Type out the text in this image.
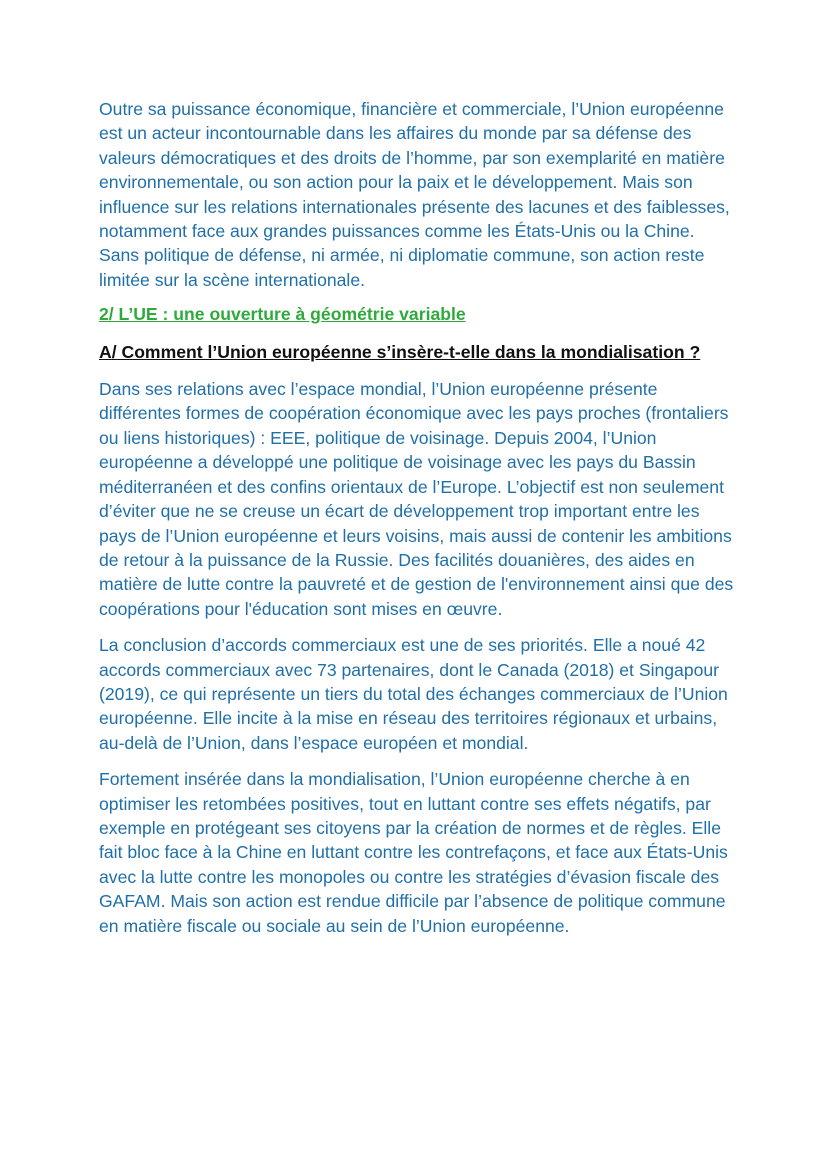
Outre sa puissance économique, financière et commerciale, l’Union européenne est un acteur incontournable dans les affaires du monde par sa défense des valeurs démocratiques et des droits de l’homme, par son exemplarité en matière environnementale, ou son action pour la paix et le développement. Mais son influence sur les relations internationales présente des lacunes et des faiblesses, notamment face aux grandes puissances comme les États-Unis ou la Chine. Sans politique de défense, ni armée, ni diplomatie commune, son action reste limitée sur la scène internationale.

2/ L’UE : une ouverture à géométrie variable
A/ Comment l’Union européenne s’insère-t-elle dans la mondialisation ?

Dans ses relations avec l’espace mondial, l’Union européenne présente différentes formes de coopération économique avec les pays proches (frontaliers ou liens historiques) : EEE, politique de voisinage. Depuis 2004, l’Union européenne a développé une politique de voisinage avec les pays du Bassin méditerranéen et des confins orientaux de l’Europe. L’objectif est non seulement d’éviter que ne se creuse un écart de développement trop important entre les pays de l’Union européenne et leurs voisins, mais aussi de contenir les ambitions de retour à la puissance de la Russie. Des facilités douanières, des aides en matière de lutte contre la pauvreté et de gestion de l'environnement ainsi que des coopérations pour l'éducation sont mises en œuvre.

La conclusion d’accords commerciaux est une de ses priorités. Elle a noué 42 accords commerciaux avec 73 partenaires, dont le Canada (2018) et Singapour (2019), ce qui représente un tiers du total des échanges commerciaux de l’Union européenne. Elle incite à la mise en réseau des territoires régionaux et urbains, au-delà de l’Union, dans l’espace européen et mondial.

Fortement insérée dans la mondialisation, l’Union européenne cherche à en optimiser les retombées positives, tout en luttant contre ses effets négatifs, par exemple en protégeant ses citoyens par la création de normes et de règles. Elle fait bloc face à la Chine en luttant contre les contrefaçons, et face aux États-Unis avec la lutte contre les monopoles ou contre les stratégies d’évasion fiscale des GAFAM. Mais son action est rendue difficile par l’absence de politique commune en matière fiscale ou sociale au sein de l’Union européenne.
